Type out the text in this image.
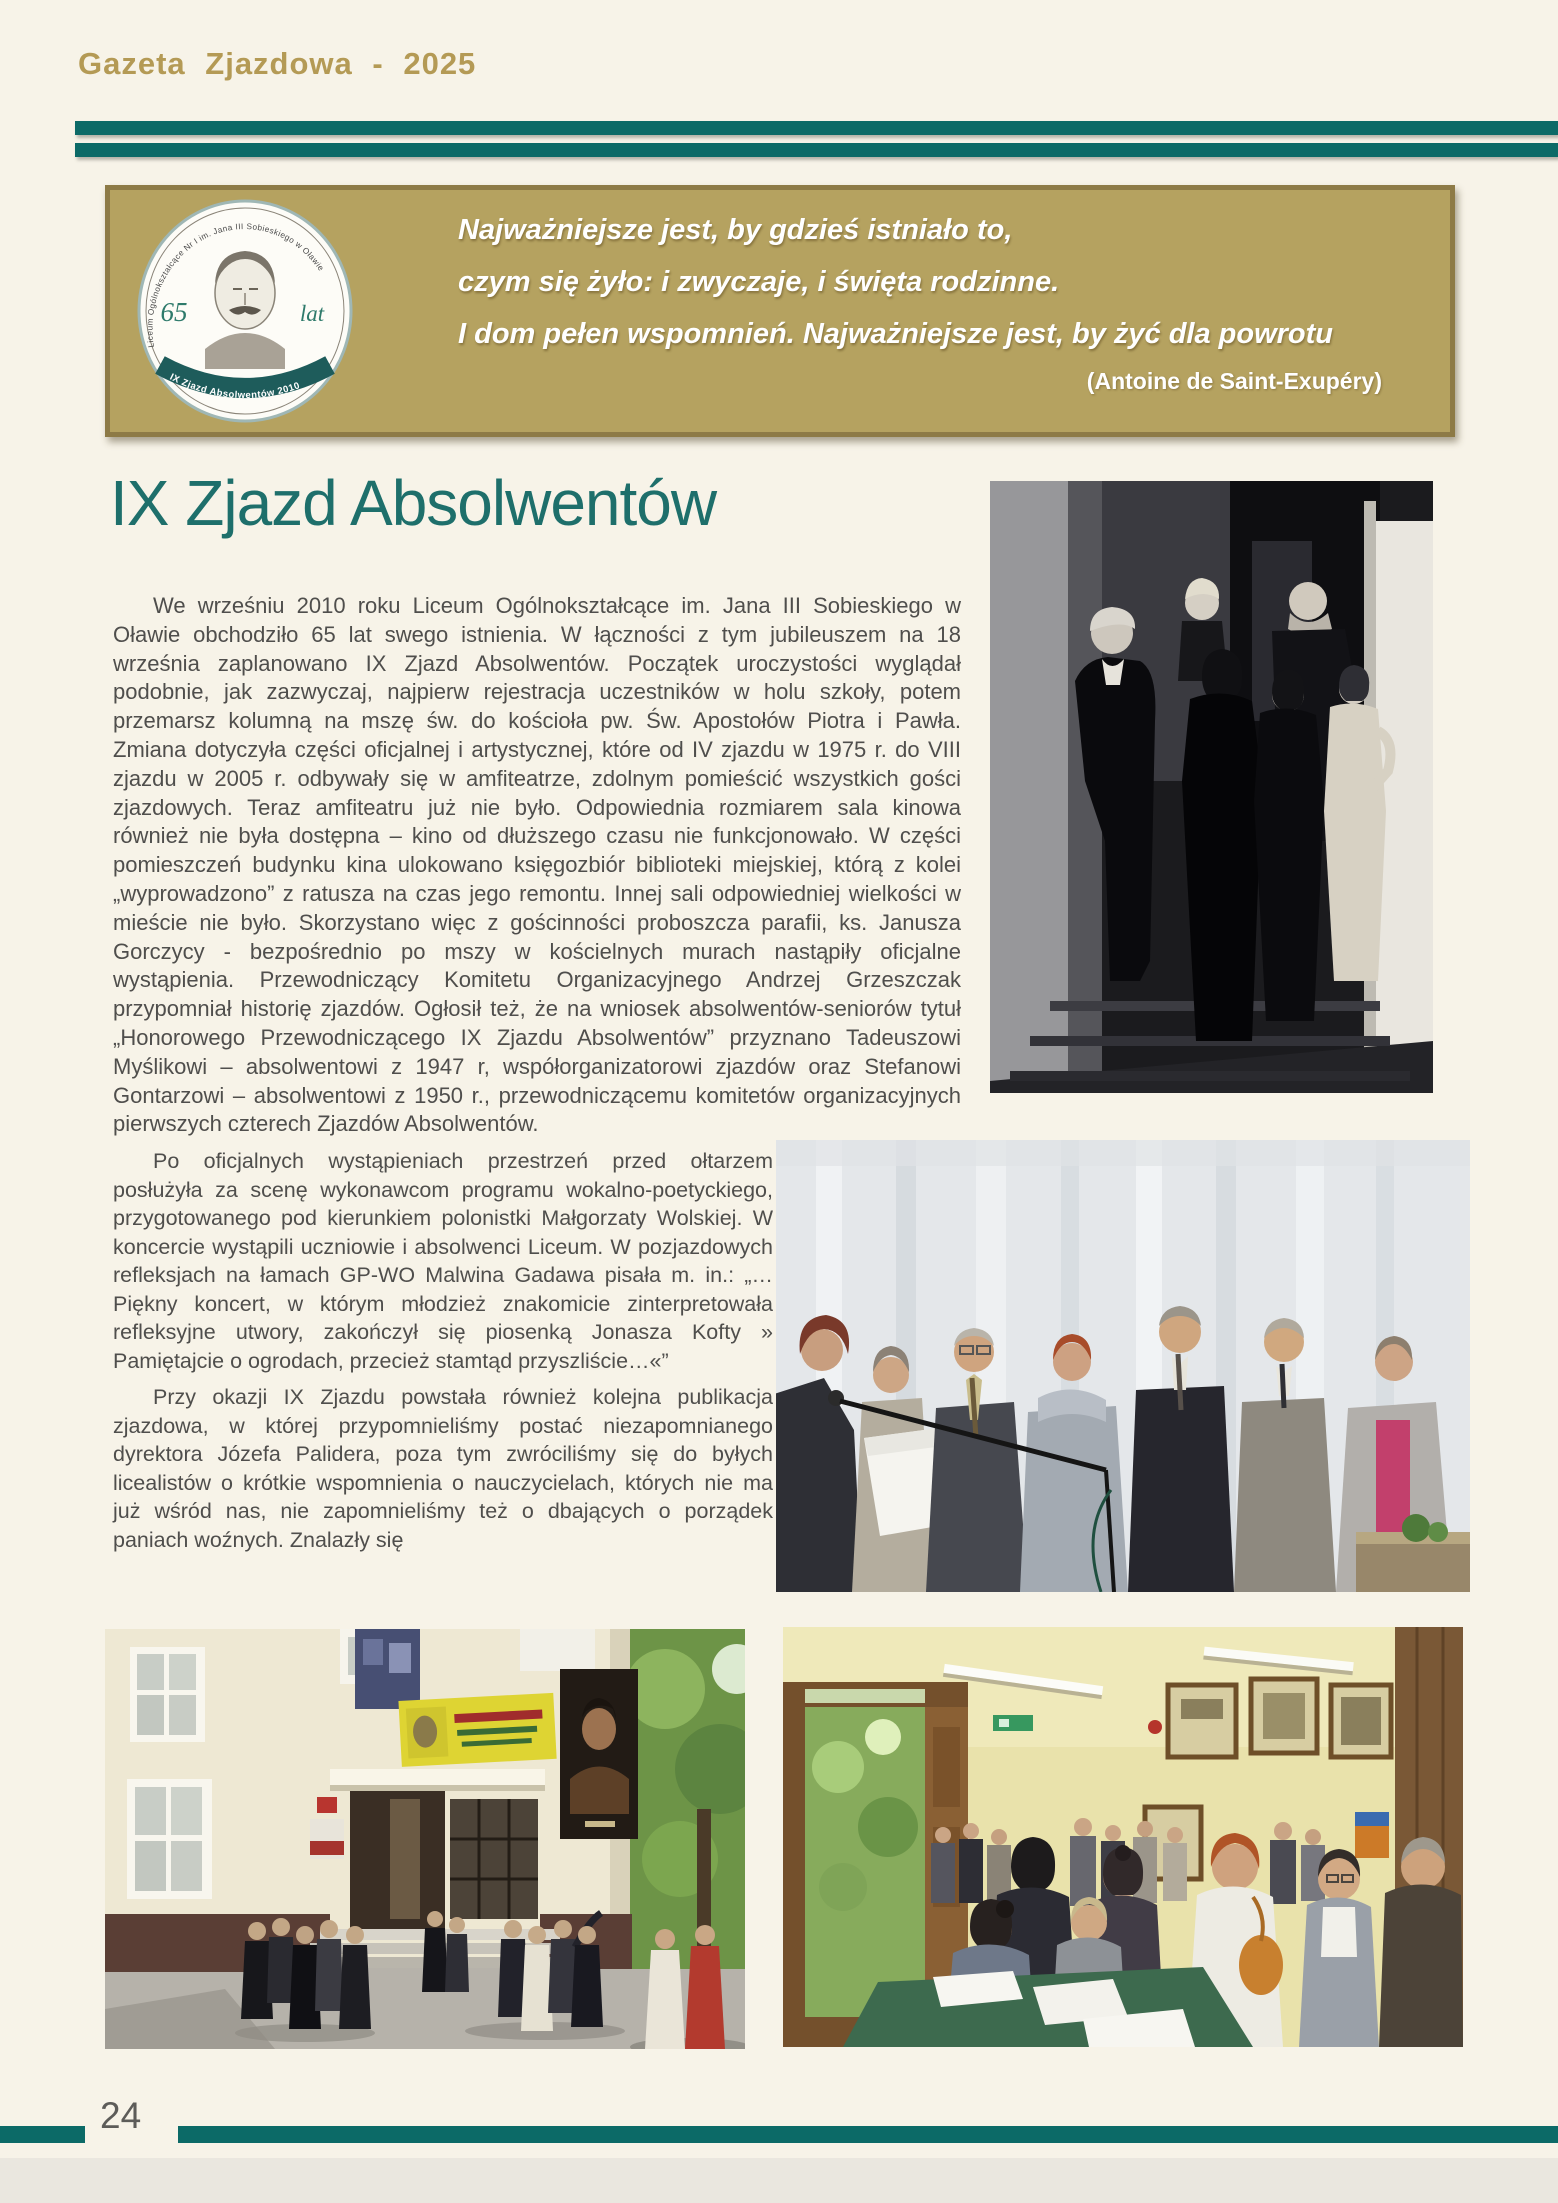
Gazeta Zjazdowa - 2025
Liceum Ogólnokształcące Nr I im. Jana III Sobieskiego w Oławie
65	lat
IX Zjazd Absolwentów 2010
Najważniejsze jest, by gdzieś istniało to,
czym się żyło: i zwyczaje, i święta rodzinne.
I dom pełen wspomnień. Najważniejsze jest, by żyć dla powrotu
(Antoine de Saint-Exupéry)
IX Zjazd Absolwentów
We wrześniu 2010 roku Liceum Ogólnokształcące im. Jana III Sobieskiego w Oławie obchodziło 65 lat swego istnienia. W łączności z tym jubileuszem na 18 września zaplanowano IX Zjazd Absolwentów. Początek uroczystości wyglądał podobnie, jak zazwyczaj, najpierw rejestracja uczestników w holu szkoły, potem przemarsz kolumną na mszę św. do kościoła pw. Św. Apostołów Piotra i Pawła. Zmiana dotyczyła części oficjalnej i artystycznej, które od IV zjazdu w 1975 r. do VIII zjazdu w 2005 r. odbywały się w amfiteatrze, zdolnym pomieścić wszystkich gości zjazdowych. Teraz amfiteatru już nie było. Odpowiednia rozmiarem sala kinowa również nie była dostępna – kino od dłuższego czasu nie funkcjonowało. W części pomieszczeń budynku kina ulokowano księgozbiór biblioteki miejskiej, którą z kolei „wyprowadzono” z ratusza na czas jego remontu. Innej sali odpowiedniej wielkości w mieście nie było. Skorzystano więc z gościnności proboszcza parafii, ks. Janusza Gorczycy - bezpośrednio po mszy w kościelnych murach nastąpiły oficjalne wystąpienia. Przewodniczący Komitetu Organizacyjnego Andrzej Grzeszczak przypomniał historię zjazdów. Ogłosił też, że na wniosek absolwentów-seniorów tytuł „Honorowego Przewodniczącego IX Zjazdu Absolwentów” przyznano Tadeuszowi Myślikowi – absolwentowi z 1947 r, współorganizatorowi zjazdów oraz Stefanowi Gontarzowi – absolwentowi z 1950 r., przewodniczącemu komitetów organizacyjnych pierwszych czterech Zjazdów Absolwentów.

Po oficjalnych wystąpieniach przestrzeń przed ołtarzem posłużyła za scenę wykonawcom programu wokalno-poetyckiego, przygotowanego pod kierunkiem polonistki Małgorzaty Wolskiej. W koncercie wystąpili uczniowie i absolwenci Liceum. W pozjazdowych refleksjach na łamach GP-WO Malwina Gadawa pisała m. in.: „…Piękny koncert, w którym młodzież znakomicie zinterpretowała refleksyjne utwory, zakończył się piosenką Jonasza Kofty » Pamiętajcie o ogrodach, przecież stamtąd przyszliście…«”

Przy okazji IX Zjazdu powstała również kolejna publikacja zjazdowa, w której przypomnieliśmy postać niezapomnianego dyrektora Józefa Palidera, poza tym zwróciliśmy się do byłych licealistów o krótkie wspomnienia o nauczycielach, których nie ma już wśród nas, nie zapomnieliśmy też o dbających o porządek paniach woźnych. Znalazły się

24
